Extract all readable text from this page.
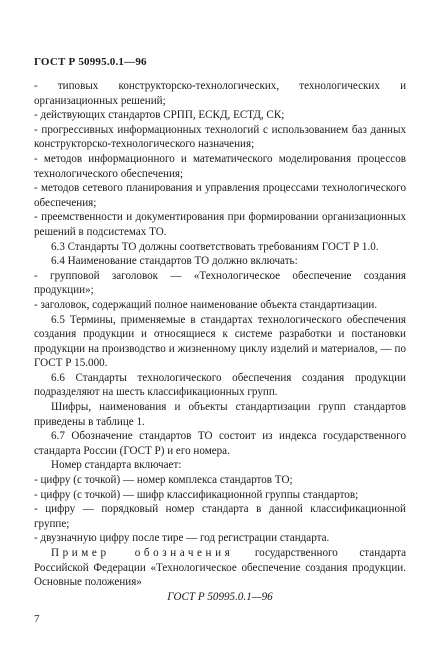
ГОСТ Р 50995.0.1—96

- типовых конструкторско-технологических, технологических и организационных решений;

- действующих стандартов СРПП, ЕСКД, ЕСТД, СК;

- прогрессивных информационных технологий с использованием баз данных конструкторско-технологического назначения;

- методов информационного и математического моделирования процессов технологического обеспечения;

- методов сетевого планирования и управления процессами технологического обеспечения;

- преемственности и документирования при формировании организационных решений в подсистемах ТО.

6.3 Стандарты ТО должны соответствовать требованиям ГОСТ Р 1.0.

6.4 Наименование стандартов ТО должно включать:

- групповой заголовок — «Технологическое обеспечение создания продукции»;

- заголовок, содержащий полное наименование объекта стандартизации.

6.5 Термины, применяемые в стандартах технологического обеспечения создания продукции и относящиеся к системе разработки и постановки продукции на производство и жизненному циклу изделий и материалов, — по ГОСТ Р 15.000.

6.6 Стандарты технологического обеспечения создания продукции подразделяют на шесть классификационных групп.

Шифры, наименования и объекты стандартизации групп стандартов приведены в таблице 1.

6.7 Обозначение стандартов ТО состоит из индекса государственного стандарта России (ГОСТ Р) и его номера.

Номер стандарта включает:

- цифру (с точкой) — номер комплекса стандартов ТО;

- цифру (с точкой) — шифр классификационной группы стандартов;

- цифру — порядковый номер стандарта в данной классификационной группе;

- двузначную цифру после тире — год регистрации стандарта.

Пример обозначения государственного стандарта Российской Федерации «Технологическое обеспечение создания продукции. Основные положения»

ГОСТ Р 50995.0.1—96

7
